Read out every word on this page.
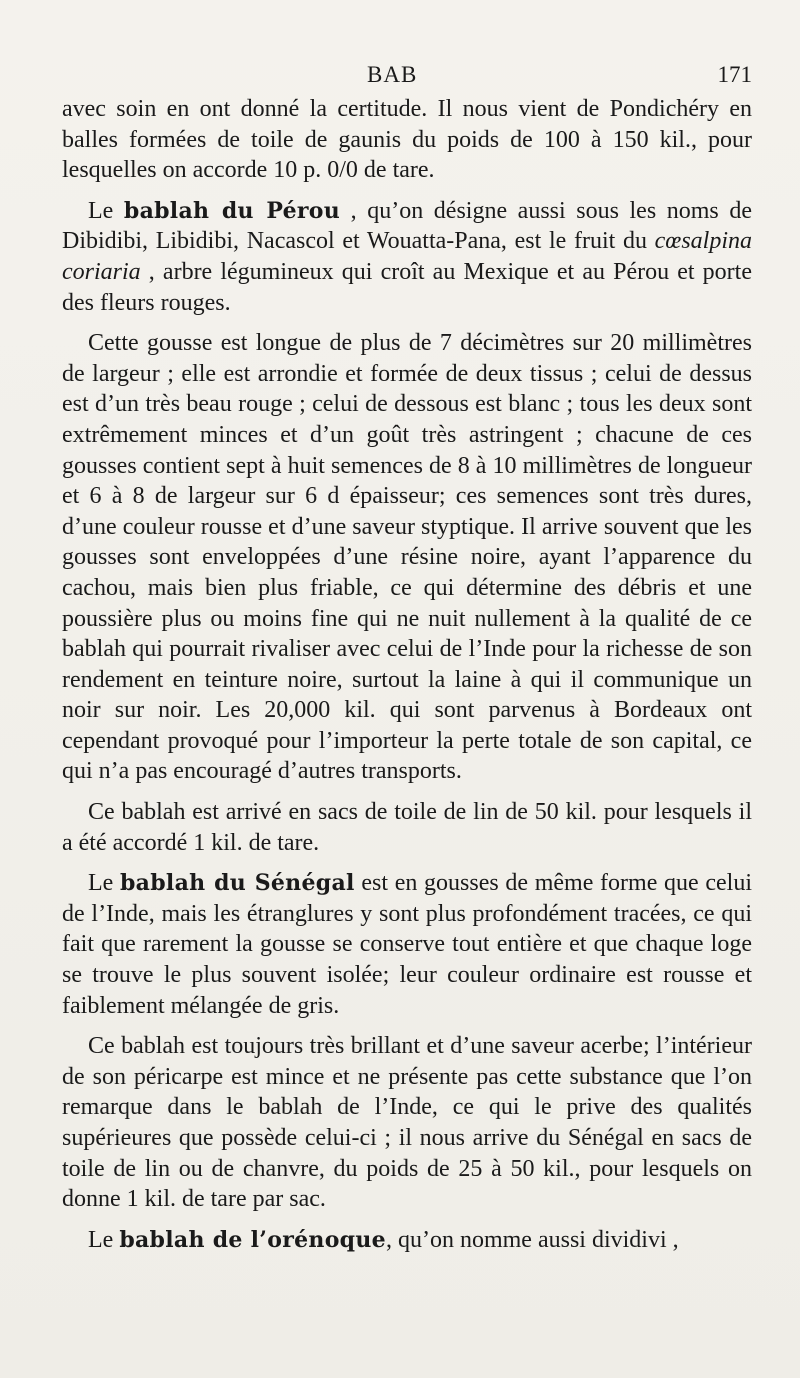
BAB	171

avec soin en ont donné la certitude. Il nous vient de Pondichéry en balles formées de toile de gaunis du poids de 100 à 150 kil., pour lesquelles on accorde 10 p. 0/0 de tare.

Le bablah du Pérou , qu’on désigne aussi sous les noms de Dibidibi, Libidibi, Nacascol et Wouatta-Pana, est le fruit du cœsalpina coriaria , arbre légumineux qui croît au Mexique et au Pérou et porte des fleurs rouges.

Cette gousse est longue de plus de 7 décimètres sur 20 millimètres de largeur ; elle est arrondie et formée de deux tissus ; celui de dessus est d’un très beau rouge ; celui de dessous est blanc ; tous les deux sont extrêmement minces et d’un goût très astringent ; chacune de ces gousses contient sept à huit semences de 8 à 10 millimètres de longueur et 6 à 8 de largeur sur 6 d épaisseur; ces semences sont très dures, d’une couleur rousse et d’une saveur styptique. Il arrive souvent que les gousses sont enveloppées d’une résine noire, ayant l’apparence du cachou, mais bien plus friable, ce qui détermine des débris et une poussière plus ou moins fine qui ne nuit nullement à la qualité de ce bablah qui pourrait rivaliser avec celui de l’Inde pour la richesse de son rendement en teinture noire, surtout la laine à qui il communique un noir sur noir. Les 20,000 kil. qui sont parvenus à Bordeaux ont cependant provoqué pour l’importeur la perte totale de son capital, ce qui n’a pas encouragé d’autres transports.

Ce bablah est arrivé en sacs de toile de lin de 50 kil. pour lesquels il a été accordé 1 kil. de tare.

Le bablah du Sénégal est en gousses de même forme que celui de l’Inde, mais les étranglures y sont plus profondément tracées, ce qui fait que rarement la gousse se conserve tout entière et que chaque loge se trouve le plus souvent isolée; leur couleur ordinaire est rousse et faiblement mélangée de gris.

Ce bablah est toujours très brillant et d’une saveur acerbe; l’intérieur de son péricarpe est mince et ne présente pas cette substance que l’on remarque dans le bablah de l’Inde, ce qui le prive des qualités supérieures que possède celui-ci ; il nous arrive du Sénégal en sacs de toile de lin ou de chanvre, du poids de 25 à 50 kil., pour lesquels on donne 1 kil. de tare par sac.

Le bablah de l’orénoque, qu’on nomme aussi dividivi ,
